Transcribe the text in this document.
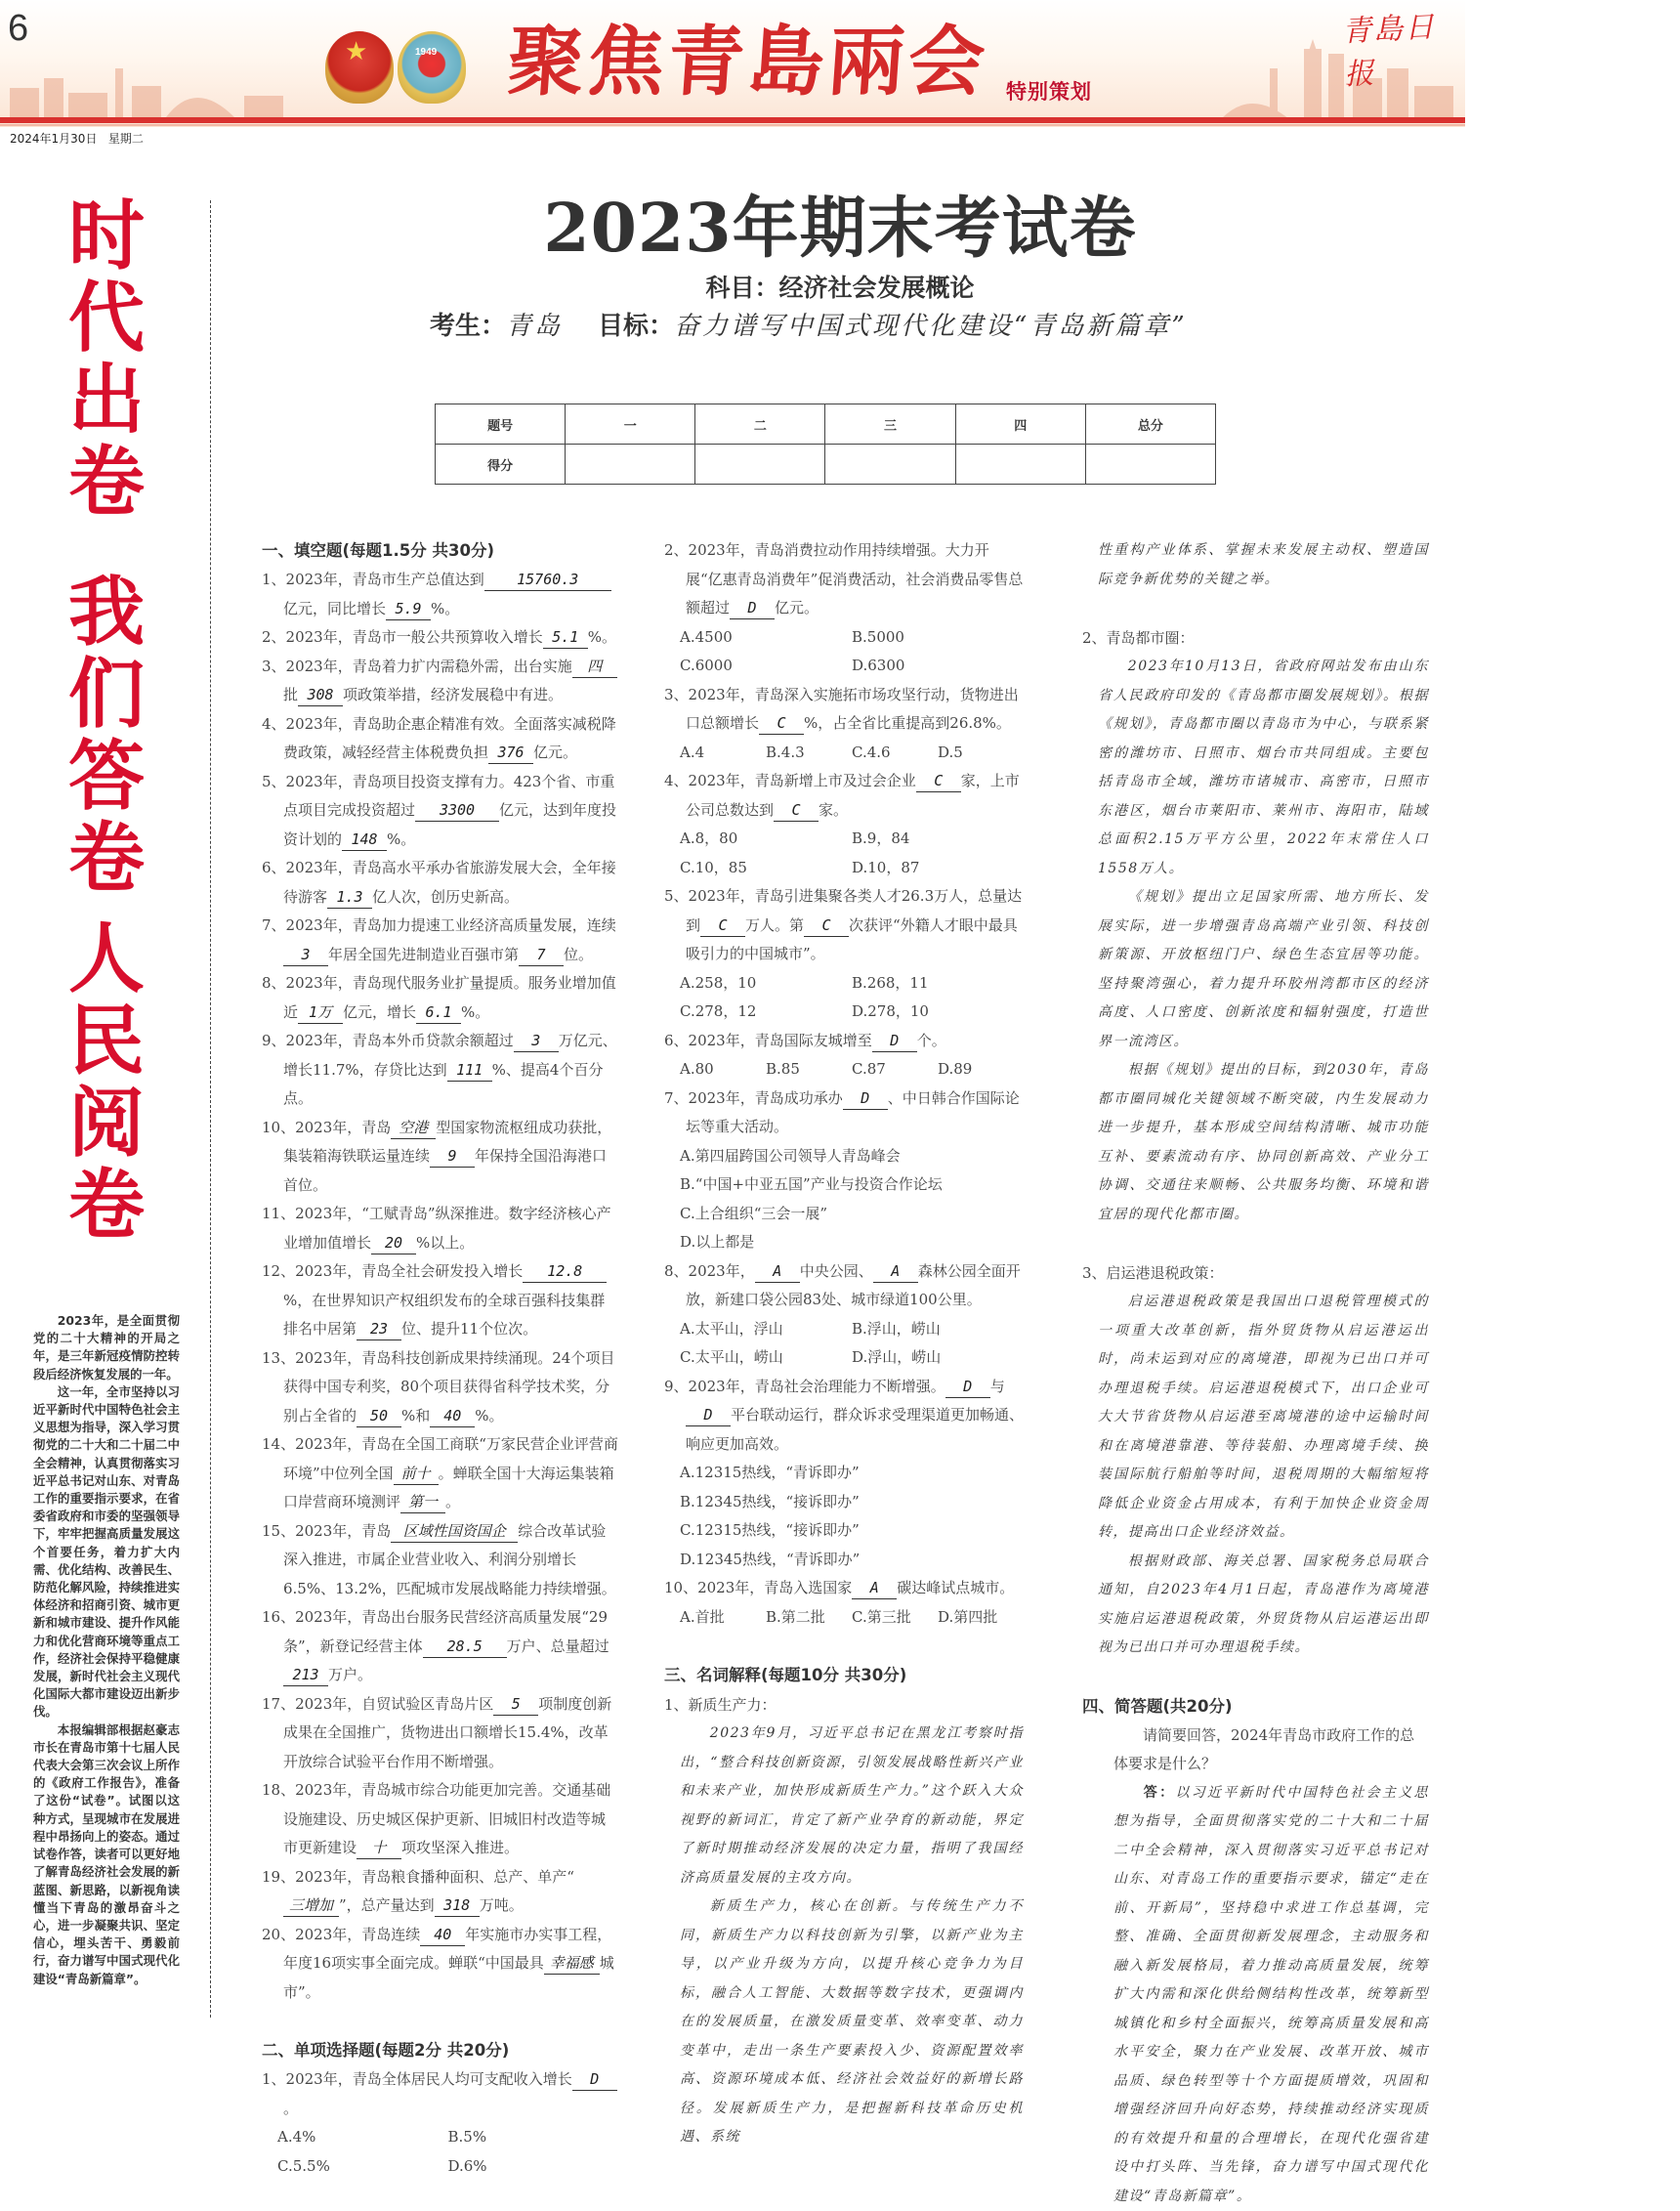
6
★	1949 聚焦青島兩会 特别策划
青島日报
2024年1月30日   星期二
时代出卷
我们答卷
人民阅卷

2023年，是全面贯彻党的二十大精神的开局之年，是三年新冠疫情防控转段后经济恢复发展的一年。

这一年，全市坚持以习近平新时代中国特色社会主义思想为指导，深入学习贯彻党的二十大和二十届二中全会精神，认真贯彻落实习近平总书记对山东、对青岛工作的重要指示要求，在省委省政府和市委的坚强领导下，牢牢把握高质量发展这个首要任务，着力扩大内需、优化结构、改善民生、防范化解风险，持续推进实体经济和招商引资、城市更新和城市建设、提升作风能力和优化营商环境等重点工作，经济社会保持平稳健康发展，新时代社会主义现代化国际大都市建设迈出新步伐。

本报编辑部根据赵豪志市长在青岛市第十七届人民代表大会第三次会议上所作的《政府工作报告》，准备了这份“试卷”。试图以这种方式，呈现城市在发展进程中昂扬向上的姿态。通过试卷作答，读者可以更好地了解青岛经济社会发展的新蓝图、新思路，以新视角读懂当下青岛的激昂奋斗之心，进一步凝聚共识、坚定信心，埋头苦干、勇毅前行，奋力谱写中国式现代化建设“青岛新篇章”。

2023年期末考试卷
科目：经济社会发展概论
考生：青岛 目标：奋力谱写中国式现代化建设“青岛新篇章”
题号	一	二	三	四	总分
得分					
一、填空题(每题1.5分 共30分)
1、2023年，青岛市生产总值达到 15760.3亿元，同比增长 5.9 %。
2、2023年，青岛市一般公共预算收入增长 5.1 %。
3、2023年，青岛着力扩内需稳外需，出台实施 四批 308 项政策举措，经济发展稳中有进。
4、2023年，青岛助企惠企精准有效。全面落实减税降费政策，减轻经营主体税费负担 376 亿元。
5、2023年，青岛项目投资支撑有力。423个省、市重点项目完成投资超过 3300 亿元，达到年度投资计划的 148 %。
6、2023年，青岛高水平承办省旅游发展大会，全年接待游客 1.3 亿人次，创历史新高。
7、2023年，青岛加力提速工业经济高质量发展，连续3 年居全国先进制造业百强市第 7 位。
8、2023年，青岛现代服务业扩量提质。服务业增加值近 1万 亿元，增长 6.1 %。
9、2023年，青岛本外币贷款余额超过 3 万亿元、增长11.7%，存贷比达到 111 %、提高4个百分点。
10、2023年，青岛 空港 型国家物流枢纽成功获批，集装箱海铁联运量连续 9 年保持全国沿海港口首位。
11、2023年，“工赋青岛”纵深推进。数字经济核心产业增加值增长 20 %以上。
12、2023年，青岛全社会研发投入增长 12.8%，在世界知识产权组织发布的全球百强科技集群排名中居第 23 位、提升11个位次。
13、2023年，青岛科技创新成果持续涌现。24个项目获得中国专利奖，80个项目获得省科学技术奖，分别占全省的 50 %和 40 %。
14、2023年，青岛在全国工商联“万家民营企业评营商环境”中位列全国 前十 。蝉联全国十大海运集装箱口岸营商环境测评 第一 。
15、2023年，青岛 区域性国资国企 综合改革试验深入推进，市属企业营业收入、利润分别增长6.5%、13.2%，匹配城市发展战略能力持续增强。
16、2023年，青岛出台服务民营经济高质量发展“29条”，新登记经营主体 28.5 万户、总量超过213 万户。
17、2023年，自贸试验区青岛片区 5 项制度创新成果在全国推广，货物进出口额增长15.4%，改革开放综合试验平台作用不断增强。
18、2023年，青岛城市综合功能更加完善。交通基础设施建设、历史城区保护更新、旧城旧村改造等城市更新建设 十 项攻坚深入推进。
19、2023年，青岛粮食播种面积、总产、单产“三增加 ”，总产量达到 318 万吨。
20、2023年，青岛连续 40 年实施市办实事工程，年度16项实事全面完成。蝉联“中国最具 幸福感 城市”。
二、单项选择题(每题2分 共20分)
1、2023年，青岛全体居民人均可支配收入增长 D。
A.4%	B.5%
C.5.5%	D.6%
2、2023年，青岛消费拉动作用持续增强。大力开展“亿惠青岛消费年”促消费活动，社会消费品零售总额超过 D 亿元。
A.4500	B.5000
C.6000	D.6300
3、2023年，青岛深入实施拓市场攻坚行动，货物进出口总额增长 C %，占全省比重提高到26.8%。
A.4	B.4.3	C.4.6	D.5
4、2023年，青岛新增上市及过会企业 C 家，上市公司总数达到 C 家。
A.8，80	B.9，84
C.10，85	D.10，87
5、2023年，青岛引进集聚各类人才26.3万人，总量达到 C 万人。第 C 次获评“外籍人才眼中最具吸引力的中国城市”。
A.258，10	B.268，11
C.278，12	D.278，10
6、2023年，青岛国际友城增至 D 个。
A.80	B.85	C.87	D.89
7、2023年，青岛成功承办 D 、中日韩合作国际论坛等重大活动。
A.第四届跨国公司领导人青岛峰会
B.“中国+中亚五国”产业与投资合作论坛
C.上合组织“三会一展”
D.以上都是
8、2023年， A 中央公园、 A 森林公园全面开放，新建口袋公园83处、城市绿道100公里。
A.太平山，浮山	B.浮山，崂山
C.太平山，崂山	D.浮山，崂山
9、2023年，青岛社会治理能力不断增强。 D 与D 平台联动运行，群众诉求受理渠道更加畅通、响应更加高效。
A.12315热线，“青诉即办”
B.12345热线，“接诉即办”
C.12315热线，“接诉即办”
D.12345热线，“青诉即办”
10、2023年，青岛入选国家 A 碳达峰试点城市。
A.首批	B.第二批	C.第三批	D.第四批
三、名词解释(每题10分 共30分)
1、新质生产力：

2023年9月，习近平总书记在黑龙江考察时指出，“整合科技创新资源，引领发展战略性新兴产业和未来产业，加快形成新质生产力。”这个跃入大众视野的新词汇，肯定了新产业孕育的新动能，界定了新时期推动经济发展的决定力量，指明了我国经济高质量发展的主攻方向。

新质生产力，核心在创新。与传统生产力不同，新质生产力以科技创新为引擎，以新产业为主导，以产业升级为方向，以提升核心竞争力为目标，融合人工智能、大数据等数字技术，更强调内在的发展质量，在激发质量变革、效率变革、动力变革中，走出一条生产要素投入少、资源配置效率高、资源环境成本低、经济社会效益好的新增长路径。发展新质生产力，是把握新科技革命历史机遇、系统

性重构产业体系、掌握未来发展主动权、塑造国际竞争新优势的关键之举。

2、青岛都市圈：

2023年10月13日，省政府网站发布由山东省人民政府印发的《青岛都市圈发展规划》。根据《规划》，青岛都市圈以青岛市为中心，与联系紧密的潍坊市、日照市、烟台市共同组成。主要包括青岛市全域，潍坊市诸城市、高密市，日照市东港区，烟台市莱阳市、莱州市、海阳市，陆域总面积2.15万平方公里，2022年末常住人口1558万人。

《规划》提出立足国家所需、地方所长、发展实际，进一步增强青岛高端产业引领、科技创新策源、开放枢纽门户、绿色生态宜居等功能。坚持聚湾强心，着力提升环胶州湾都市区的经济高度、人口密度、创新浓度和辐射强度，打造世界一流湾区。

根据《规划》提出的目标，到2030年，青岛都市圈同城化关键领域不断突破，内生发展动力进一步提升，基本形成空间结构清晰、城市功能互补、要素流动有序、协同创新高效、产业分工协调、交通往来顺畅、公共服务均衡、环境和谐宜居的现代化都市圈。

3、启运港退税政策：

启运港退税政策是我国出口退税管理模式的一项重大改革创新，指外贸货物从启运港运出时，尚未运到对应的离境港，即视为已出口并可办理退税手续。启运港退税模式下，出口企业可大大节省货物从启运港至离境港的途中运输时间和在离境港靠港、等待装船、办理离境手续、换装国际航行船舶等时间，退税周期的大幅缩短将降低企业资金占用成本，有利于加快企业资金周转，提高出口企业经济效益。

根据财政部、海关总署、国家税务总局联合通知，自2023年4月1日起，青岛港作为离境港实施启运港退税政策，外贸货物从启运港运出即视为已出口并可办理退税手续。

四、简答题(共20分)
请简要回答，2024年青岛市政府工作的总体要求是什么？

答：以习近平新时代中国特色社会主义思想为指导，全面贯彻落实党的二十大和二十届二中全会精神，深入贯彻落实习近平总书记对山东、对青岛工作的重要指示要求，锚定“走在前、开新局”，坚持稳中求进工作总基调，完整、准确、全面贯彻新发展理念，主动服务和融入新发展格局，着力推动高质量发展，统筹扩大内需和深化供给侧结构性改革，统筹新型城镇化和乡村全面振兴，统筹高质量发展和高水平安全，聚力在产业发展、改革开放、城市品质、绿色转型等十个方面提质增效，巩固和增强经济回升向好态势，持续推动经济实现质的有效提升和量的合理增长，在现代化强省建设中打头阵、当先锋，奋力谱写中国式现代化建设“青岛新篇章”。
